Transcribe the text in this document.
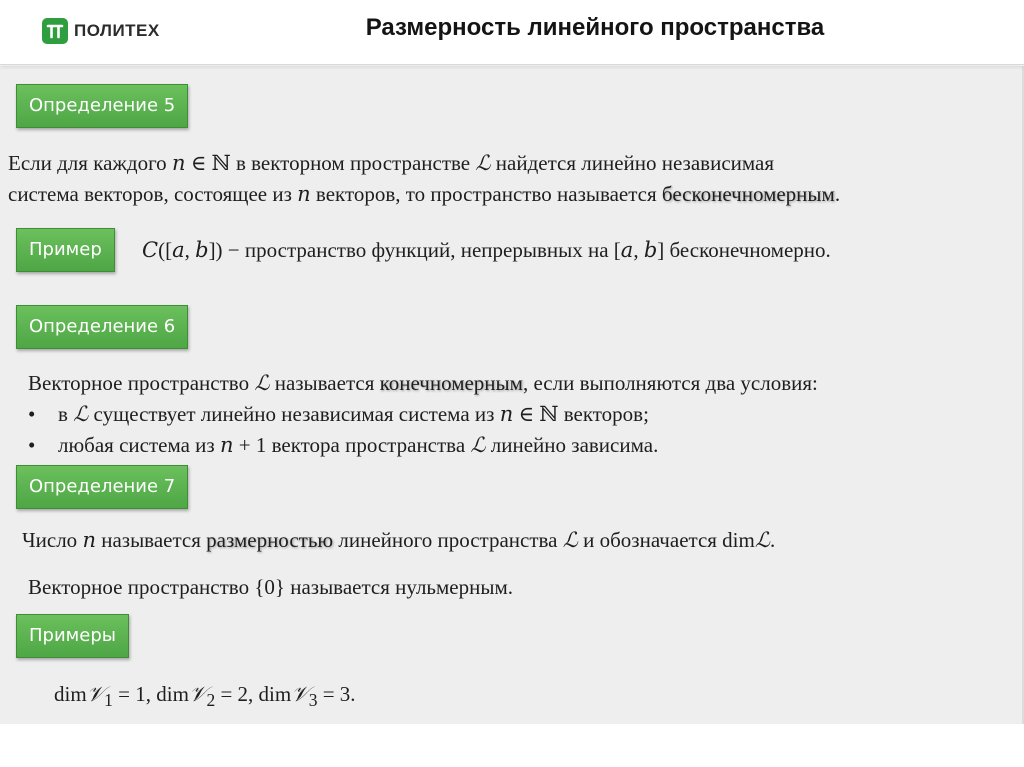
ПОЛИТЕХ	Размерность линейного пространства
Определение 5
Если для каждого n ∈ ℕ в векторном пространстве ℒ найдется линейно независимая
система векторов, состоящее из n векторов, то пространство называется бесконечномерным.
Пример	C([a, b]) − пространство функций, непрерывных на [a, b] бесконечномерно.
Определение 6
Векторное пространство ℒ называется конечномерным, если выполняются два условия:
• в ℒ существует линейно независимая система из n ∈ ℕ векторов;
• любая система из n + 1 вектора пространства ℒ линейно зависима.
Определение 7
Число n называется размерностью линейного пространства ℒ и обозначается dimℒ.
Векторное пространство {0} называется нульмерным.
Примеры
dim𝒱$_1$ = 1, dim𝒱$_2$ = 2, dim𝒱$_3$ = 3.
